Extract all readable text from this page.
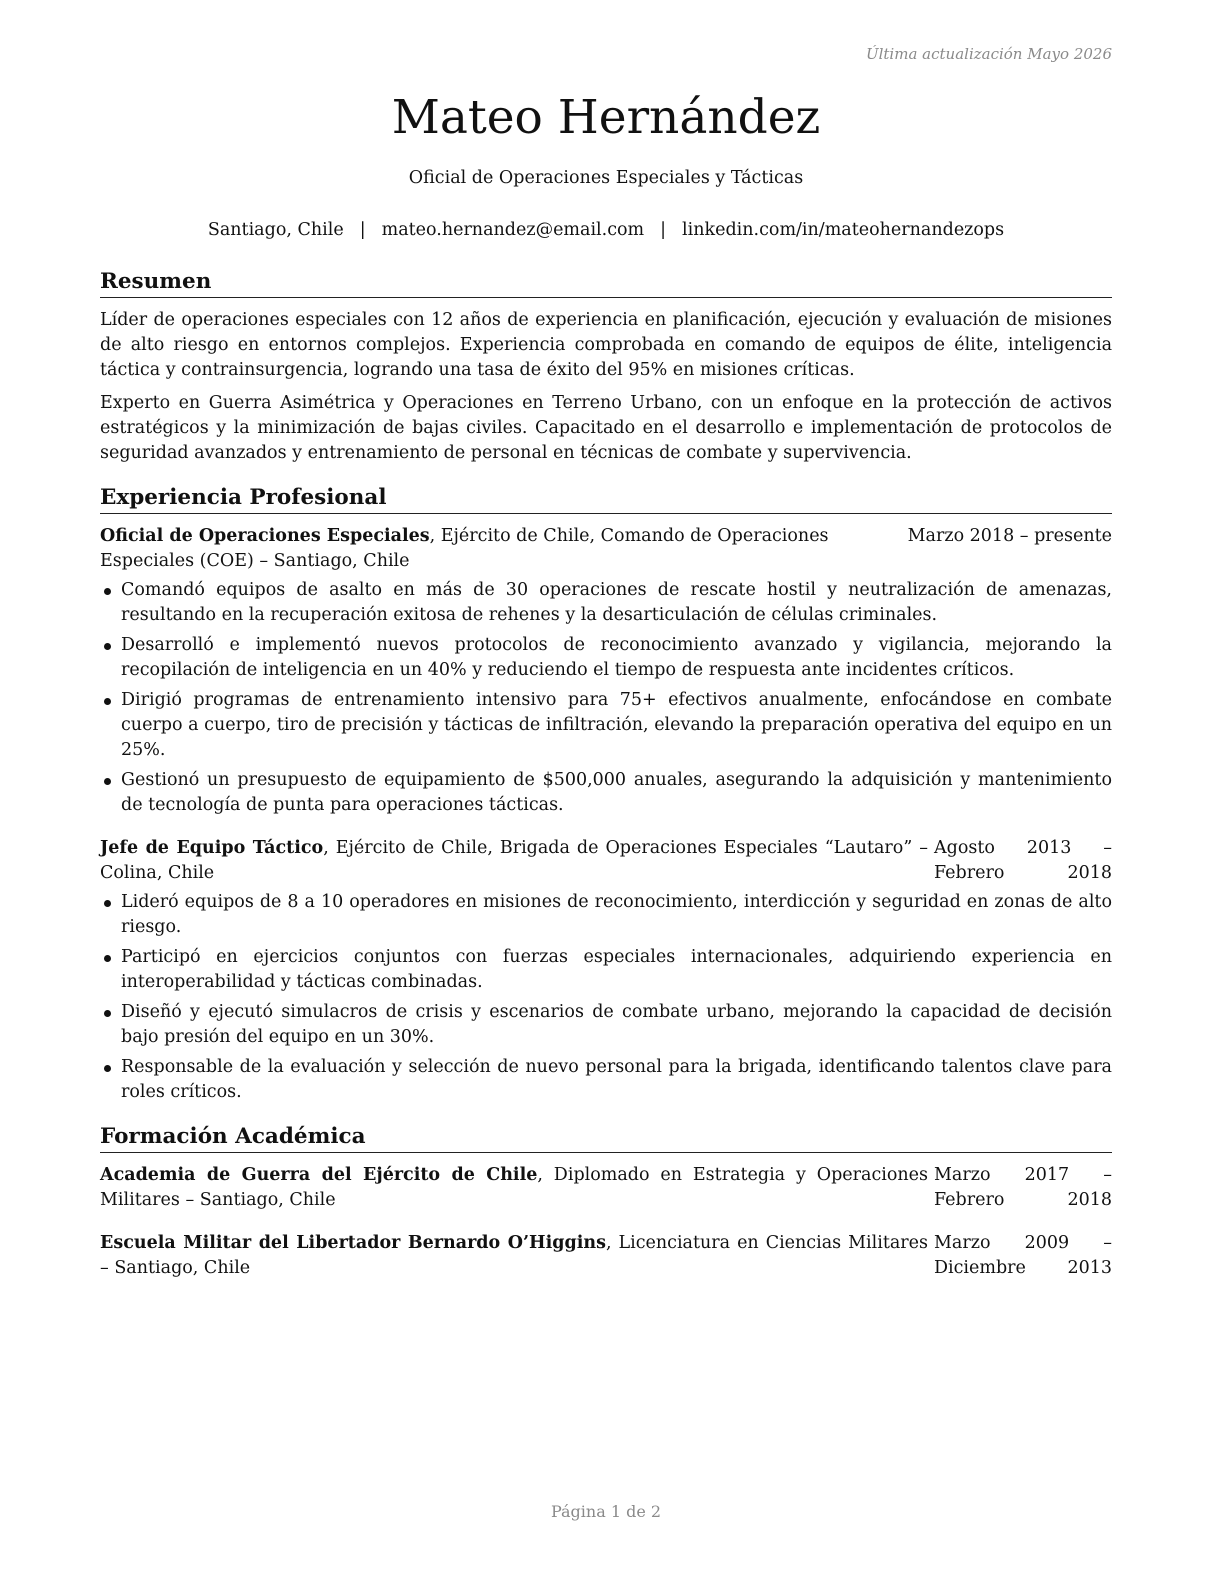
Última actualización Mayo 2026
Mateo Hernández
Oficial de Operaciones Especiales y Tácticas
Santiago, Chile | mateo.hernandez@email.com | linkedin.com/in/mateohernandezops
Resumen

Líder de operaciones especiales con 12 años de experiencia en planificación, ejecución y evaluación de misiones de alto riesgo en entornos complejos. Experiencia comprobada en comando de equipos de élite, inteligencia táctica y contrainsurgencia, logrando una tasa de éxito del 95% en misiones críticas.

Experto en Guerra Asimétrica y Operaciones en Terreno Urbano, con un enfoque en la protección de activos estratégicos y la minimización de bajas civiles. Capacitado en el desarrollo e implementación de protocolos de seguridad avanzados y entrenamiento de personal en técnicas de combate y supervivencia.

Experiencia Profesional
Oficial de Operaciones Especiales, Ejército de Chile, Comando de Operaciones Especiales (COE) – Santiago, Chile
Marzo 2018 – presente
Comandó equipos de asalto en más de 30 operaciones de rescate hostil y neutralización de amenazas, resultando en la recuperación exitosa de rehenes y la desarticulación de células criminales.
Desarrolló e implementó nuevos protocolos de reconocimiento avanzado y vigilancia, mejorando la recopilación de inteligencia en un 40% y reduciendo el tiempo de respuesta ante incidentes críticos.
Dirigió programas de entrenamiento intensivo para 75+ efectivos anualmente, enfocándose en combate cuerpo a cuerpo, tiro de precisión y tácticas de infiltración, elevando la preparación operativa del equipo en un 25%.
Gestionó un presupuesto de equipamiento de $500,000 anuales, asegurando la adquisición y mantenimiento de tecnología de punta para operaciones tácticas.
Jefe de Equipo Táctico, Ejército de Chile, Brigada de Operaciones Especiales “Lautaro” – Colina, Chile
Agosto 2013 – Febrero 2018
Lideró equipos de 8 a 10 operadores en misiones de reconocimiento, interdicción y seguridad en zonas de alto riesgo.
Participó en ejercicios conjuntos con fuerzas especiales internacionales, adquiriendo experiencia en interoperabilidad y tácticas combinadas.
Diseñó y ejecutó simulacros de crisis y escenarios de combate urbano, mejorando la capacidad de decisión bajo presión del equipo en un 30%.
Responsable de la evaluación y selección de nuevo personal para la brigada, identificando talentos clave para roles críticos.
Formación Académica
Academia de Guerra del Ejército de Chile, Diplomado en Estrategia y Operaciones Militares – Santiago, Chile
Marzo 2017 – Febrero 2018
Escuela Militar del Libertador Bernardo O’Higgins, Licenciatura en Ciencias Militares – Santiago, Chile
Marzo 2009 – Diciembre 2013
Página 1 de 2
